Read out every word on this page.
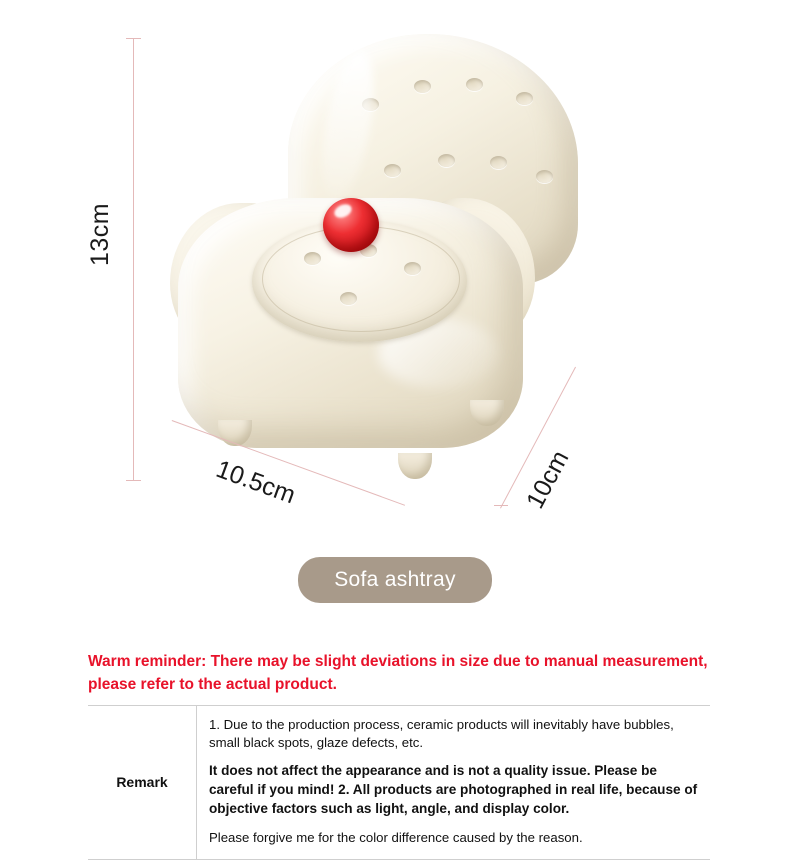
13cm
10.5cm	10cm
Sofa ashtray
Warm reminder: There may be slight deviations in size due to manual measurement, please refer to the actual product.
Remark

1. Due to the production process, ceramic products will inevitably have bubbles, small black spots, glaze defects, etc.

It does not affect the appearance and is not a quality issue. Please be careful if you mind! 2. All products are photographed in real life, because of objective factors such as light, angle, and display color.

Please forgive me for the color difference caused by the reason.
